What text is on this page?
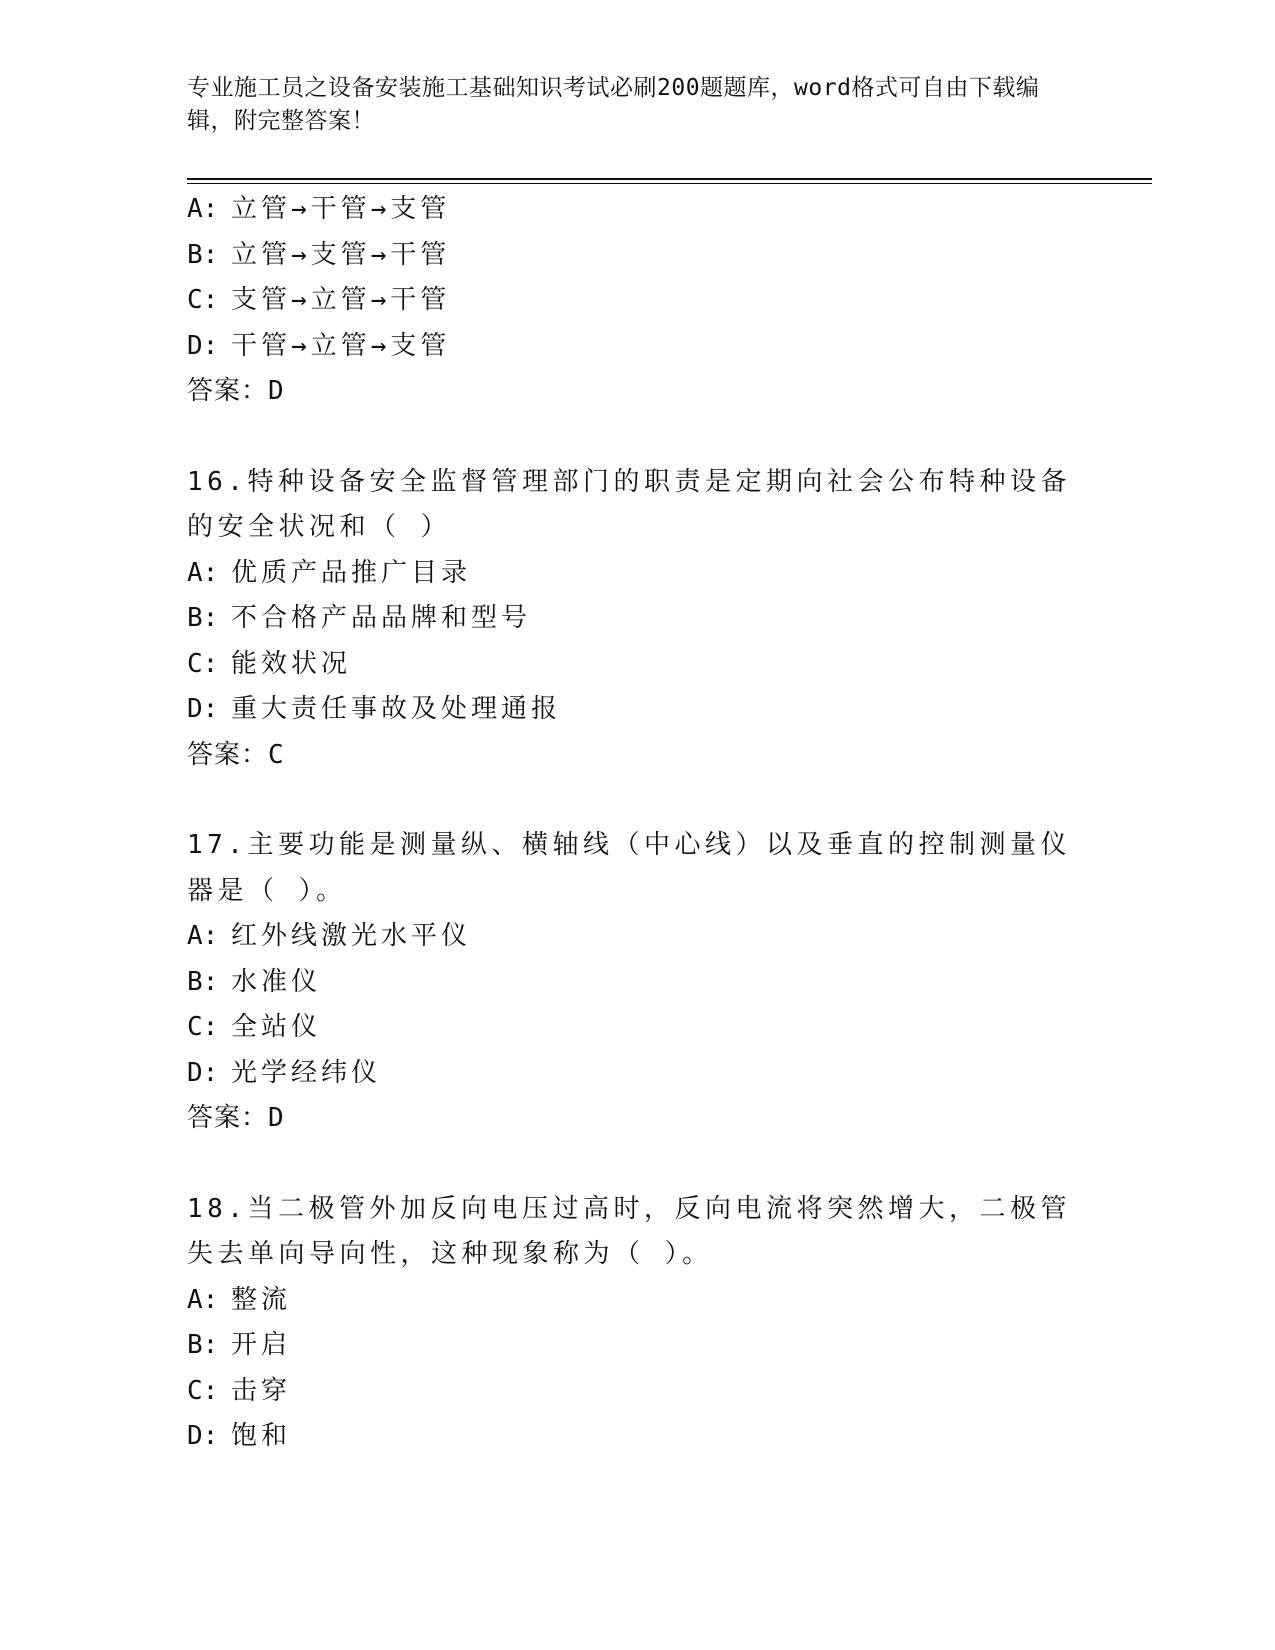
专业施工员之设备安装施工基础知识考试必刷200题题库，word格式可自由下载编辑，附完整答案！
A: 立管→干管→支管
B: 立管→支管→干管
C: 支管→立管→干管
D: 干管→立管→支管
答案：D
16.特种设备安全监督管理部门的职责是定期向社会公布特种设备的安全状况和（ ）
A: 优质产品推广目录
B: 不合格产品品牌和型号
C: 能效状况
D: 重大责任事故及处理通报
答案：C
17.主要功能是测量纵、横轴线（中心线）以及垂直的控制测量仪器是（ ）。
A: 红外线激光水平仪
B: 水准仪
C: 全站仪
D: 光学经纬仪
答案：D
18.当二极管外加反向电压过高时，反向电流将突然增大，二极管失去单向导向性，这种现象称为（ ）。
A: 整流
B: 开启
C: 击穿
D: 饱和
